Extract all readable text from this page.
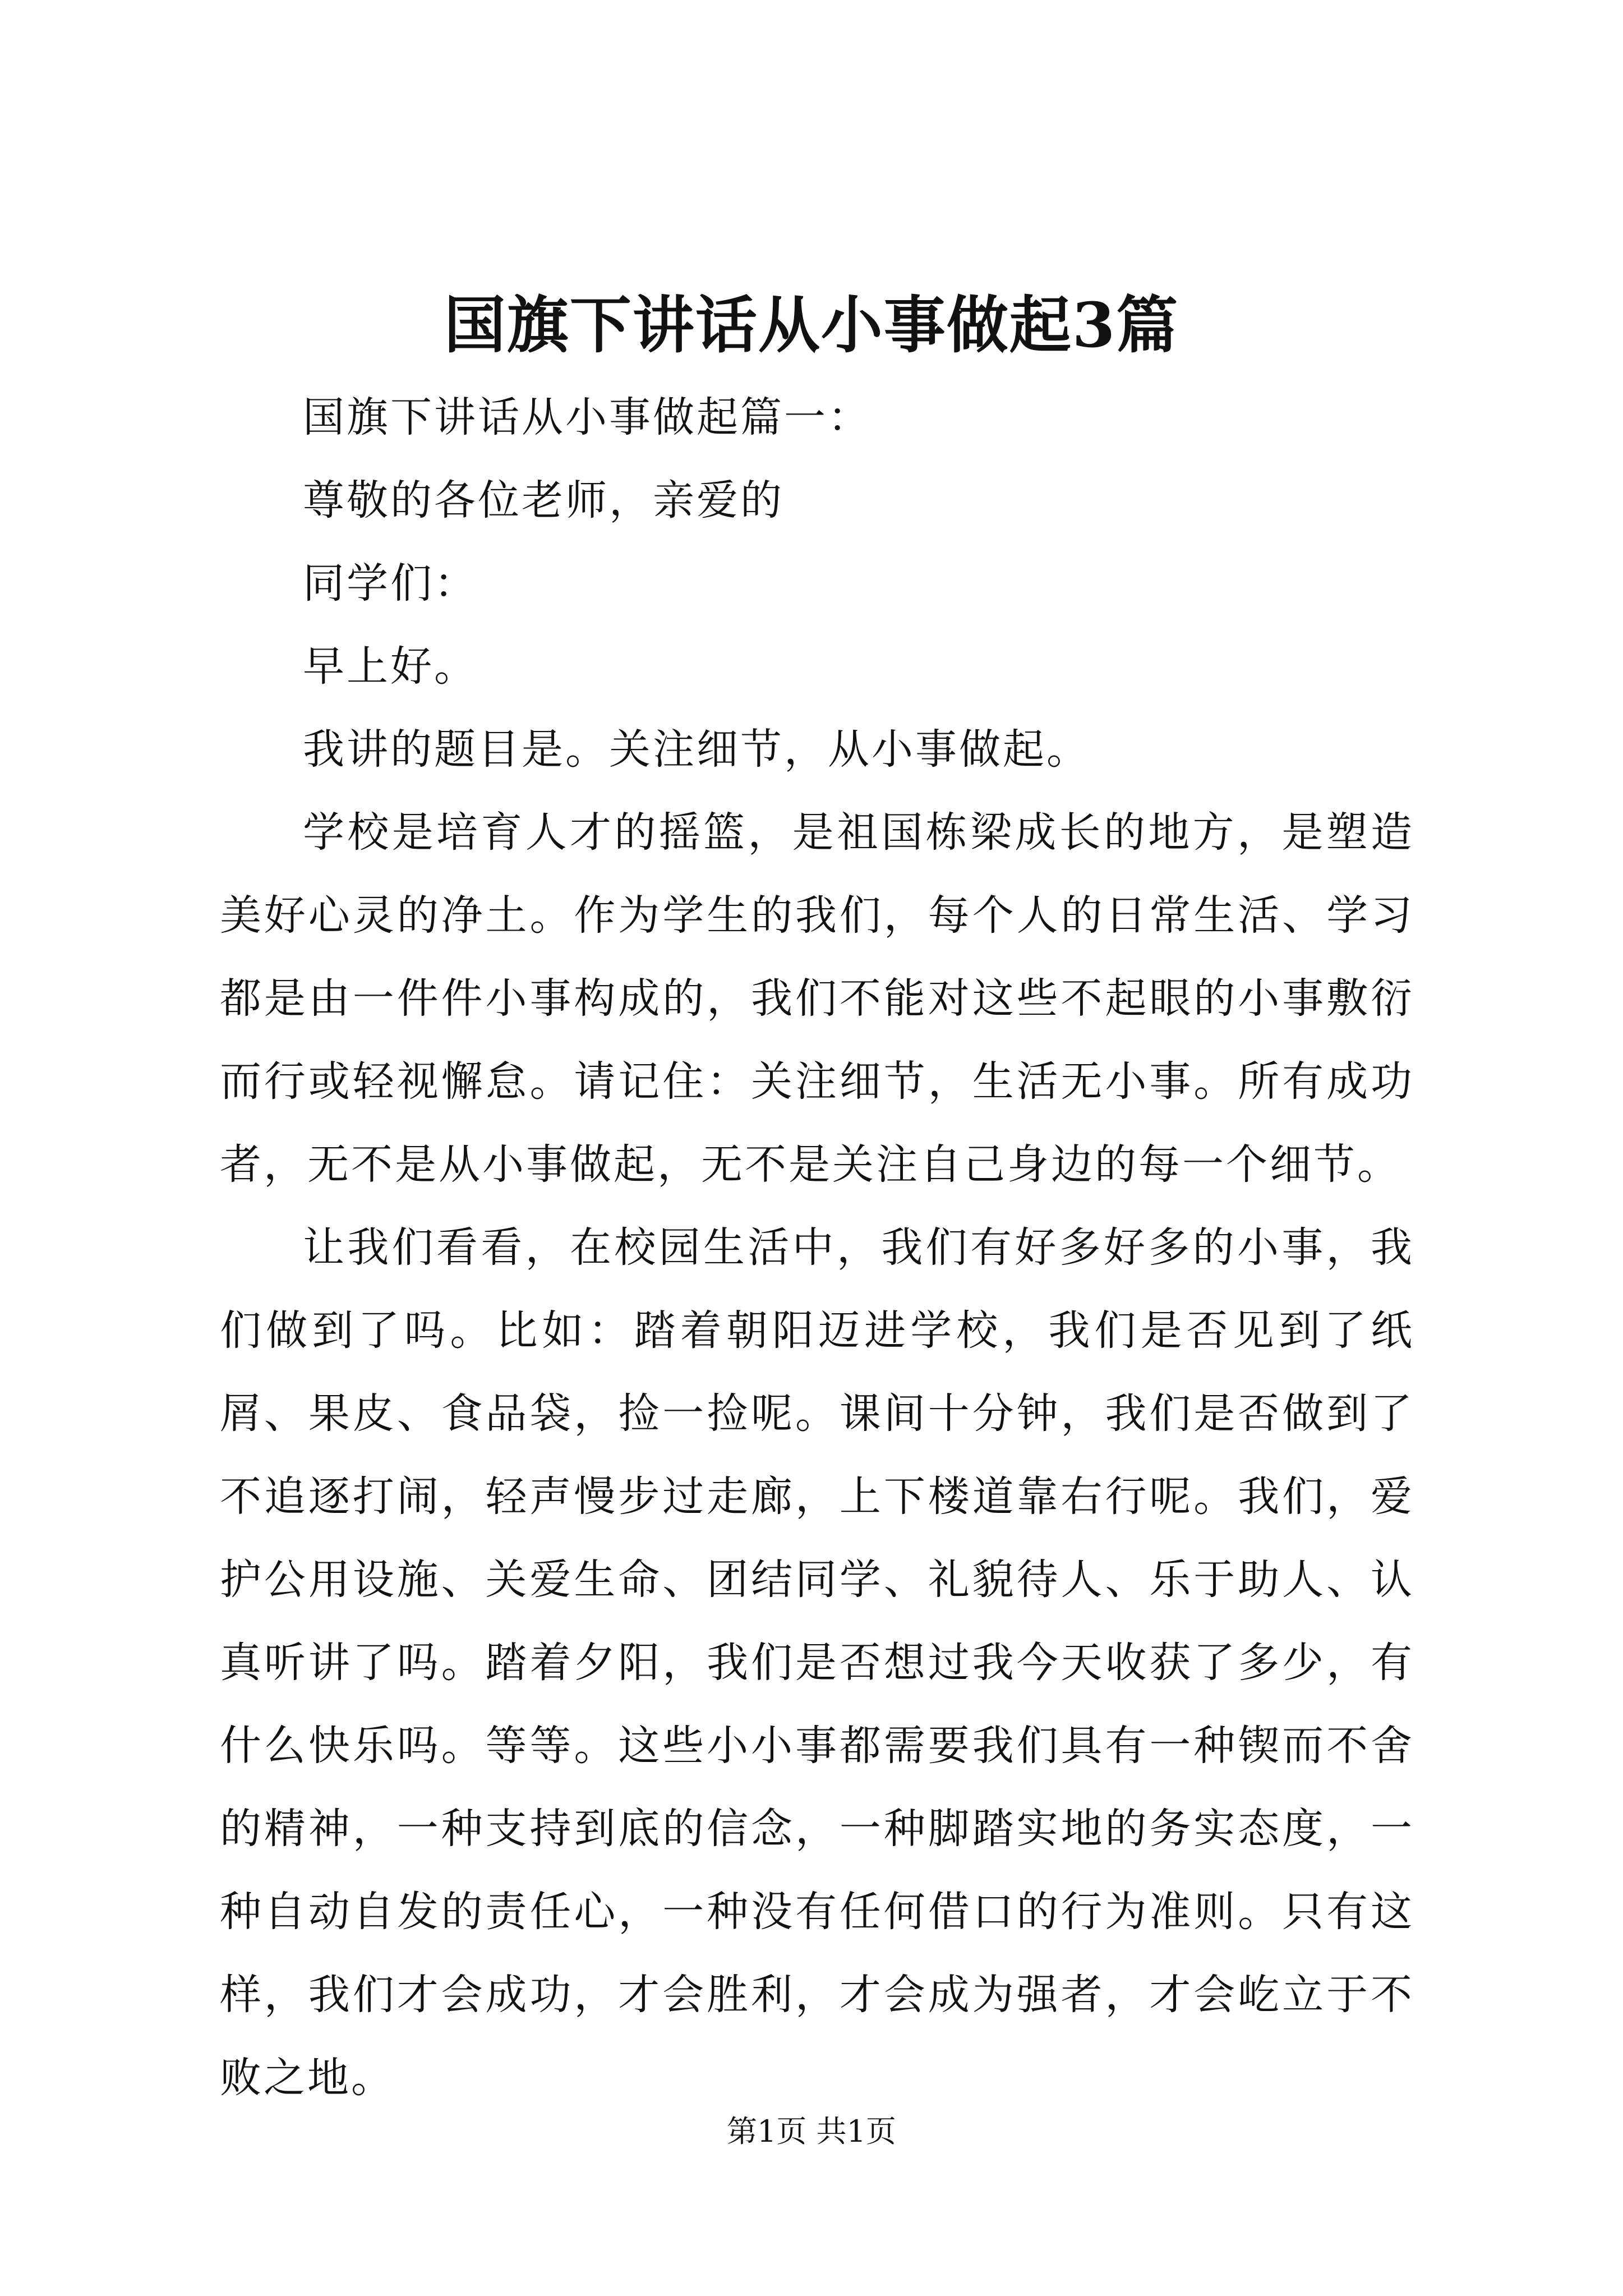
国旗下讲话从小事做起3篇

国旗下讲话从小事做起篇一：

尊敬的各位老师，亲爱的

同学们：

早上好。

我讲的题目是。关注细节，从小事做起。

学校是培育人才的摇篮，是祖国栋梁成长的地方，是塑造美好心灵的净土。作为学生的我们，每个人的日常生活、学习都是由一件件小事构成的，我们不能对这些不起眼的小事敷衍而行或轻视懈怠。请记住：关注细节，生活无小事。所有成功者，无不是从小事做起，无不是关注自己身边的每一个细节。

让我们看看，在校园生活中，我们有好多好多的小事，我们做到了吗。比如：踏着朝阳迈进学校，我们是否见到了纸屑、果皮、食品袋，捡一捡呢。课间十分钟，我们是否做到了不追逐打闹，轻声慢步过走廊，上下楼道靠右行呢。我们，爱护公用设施、关爱生命、团结同学、礼貌待人、乐于助人、认真听讲了吗。踏着夕阳，我们是否想过我今天收获了多少，有什么快乐吗。等等。这些小小事都需要我们具有一种锲而不舍的精神，一种支持到底的信念，一种脚踏实地的务实态度，一种自动自发的责任心，一种没有任何借口的行为准则。只有这样，我们才会成功，才会胜利，才会成为强者，才会屹立于不败之地。

第1页 共1页
